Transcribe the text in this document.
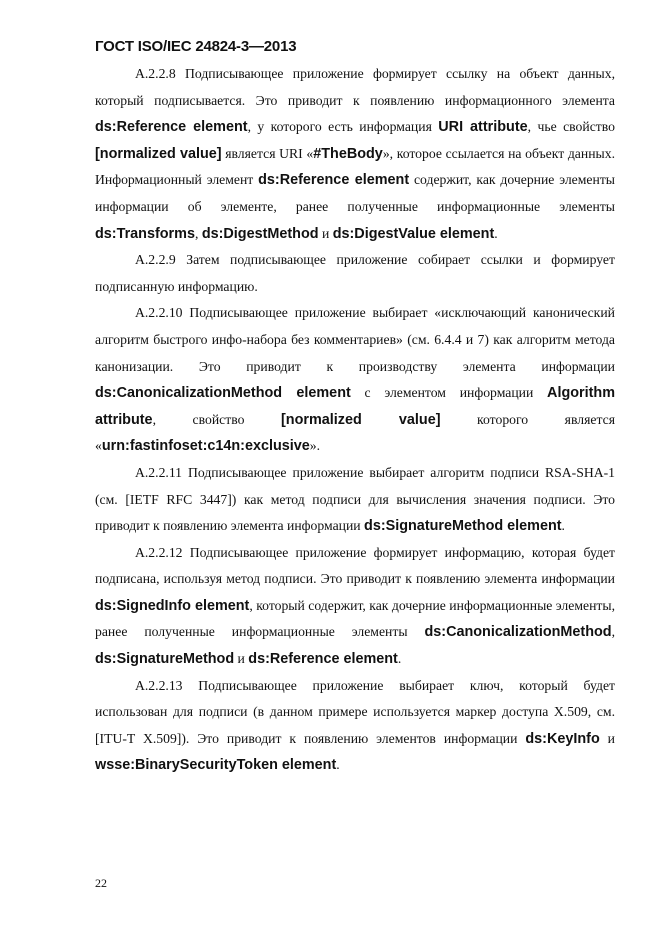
ГОСТ ISO/IEC 24824-3—2013

A.2.2.8 Подписывающее приложение формирует ссылку на объект данных, который подписывается. Это приводит к появлению информационного элемента ds:Reference element, у которого есть информация URI attribute, чье свойство [normalized value] является URI «#TheBody», которое ссылается на объект данных. Информационный элемент ds:Reference element содержит, как дочерние элементы информации об элементе, ранее полученные информационные элементы ds:Transforms, ds:DigestMethod и ds:DigestValue element.

A.2.2.9 Затем подписывающее приложение собирает ссылки и формирует подписанную информацию.

A.2.2.10 Подписывающее приложение выбирает «исключающий канонический алгоритм быстрого инфо-набора без комментариев» (см. 6.4.4 и 7) как алгоритм метода канонизации. Это приводит к производству элемента информации ds:CanonicalizationMethod element с элементом информации Algorithm attribute, свойство [normalized value] которого является «urn:fastinfoset:c14n:exclusive».

A.2.2.11 Подписывающее приложение выбирает алгоритм подписи RSA-SHA-1 (см. [IETF RFC 3447]) как метод подписи для вычисления значения подписи. Это приводит к появлению элемента информации ds:SignatureMethod element.

A.2.2.12 Подписывающее приложение формирует информацию, которая будет подписана, используя метод подписи. Это приводит к появлению элемента информации ds:SignedInfo element, который содержит, как дочерние информационные элементы, ранее полученные информационные элементы ds:CanonicalizationMethod, ds:SignatureMethod и ds:Reference element.

A.2.2.13 Подписывающее приложение выбирает ключ, который будет использован для подписи (в данном примере используется маркер доступа X.509, см. [ITU-T X.509]). Это приводит к появлению элементов информации ds:KeyInfo и wsse:BinarySecurityToken element.

22
